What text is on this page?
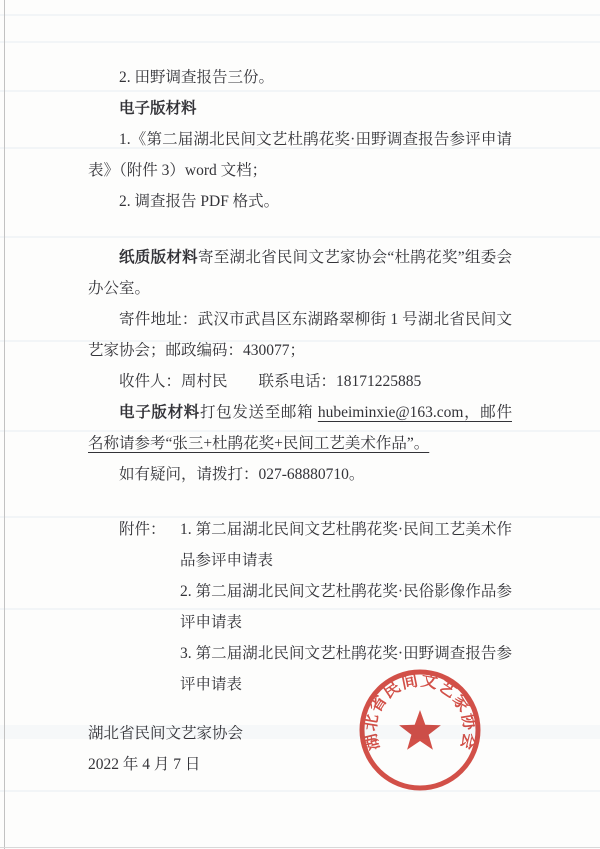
2. 田野调查报告三份。

电子版材料

1.《第二届湖北民间文艺杜鹃花奖·田野调查报告参评申请表》（附件 3）word 文档；

2. 调查报告 PDF 格式。

纸质版材料寄至湖北省民间文艺家协会“杜鹃花奖”组委会办公室。

寄件地址：武汉市武昌区东湖路翠柳街 1 号湖北省民间文艺家协会；邮政编码：430077；

收件人：周村民　　联系电话：18171225885

电子版材料打包发送至邮箱 hubeiminxie@163.com，邮件名称请参考“张三+杜鹃花奖+民间工艺美术作品”。

如有疑问，请拨打：027-68880710。

附件： 1. 第二届湖北民间文艺杜鹃花奖·民间工艺美术作品参评申请表

2. 第二届湖北民间文艺杜鹃花奖·民俗影像作品参评申请表

3. 第二届湖北民间文艺杜鹃花奖·田野调查报告参评申请表

湖北省民间文艺家协会

2022 年 4 月 7 日

湖北省民间文艺家协会
